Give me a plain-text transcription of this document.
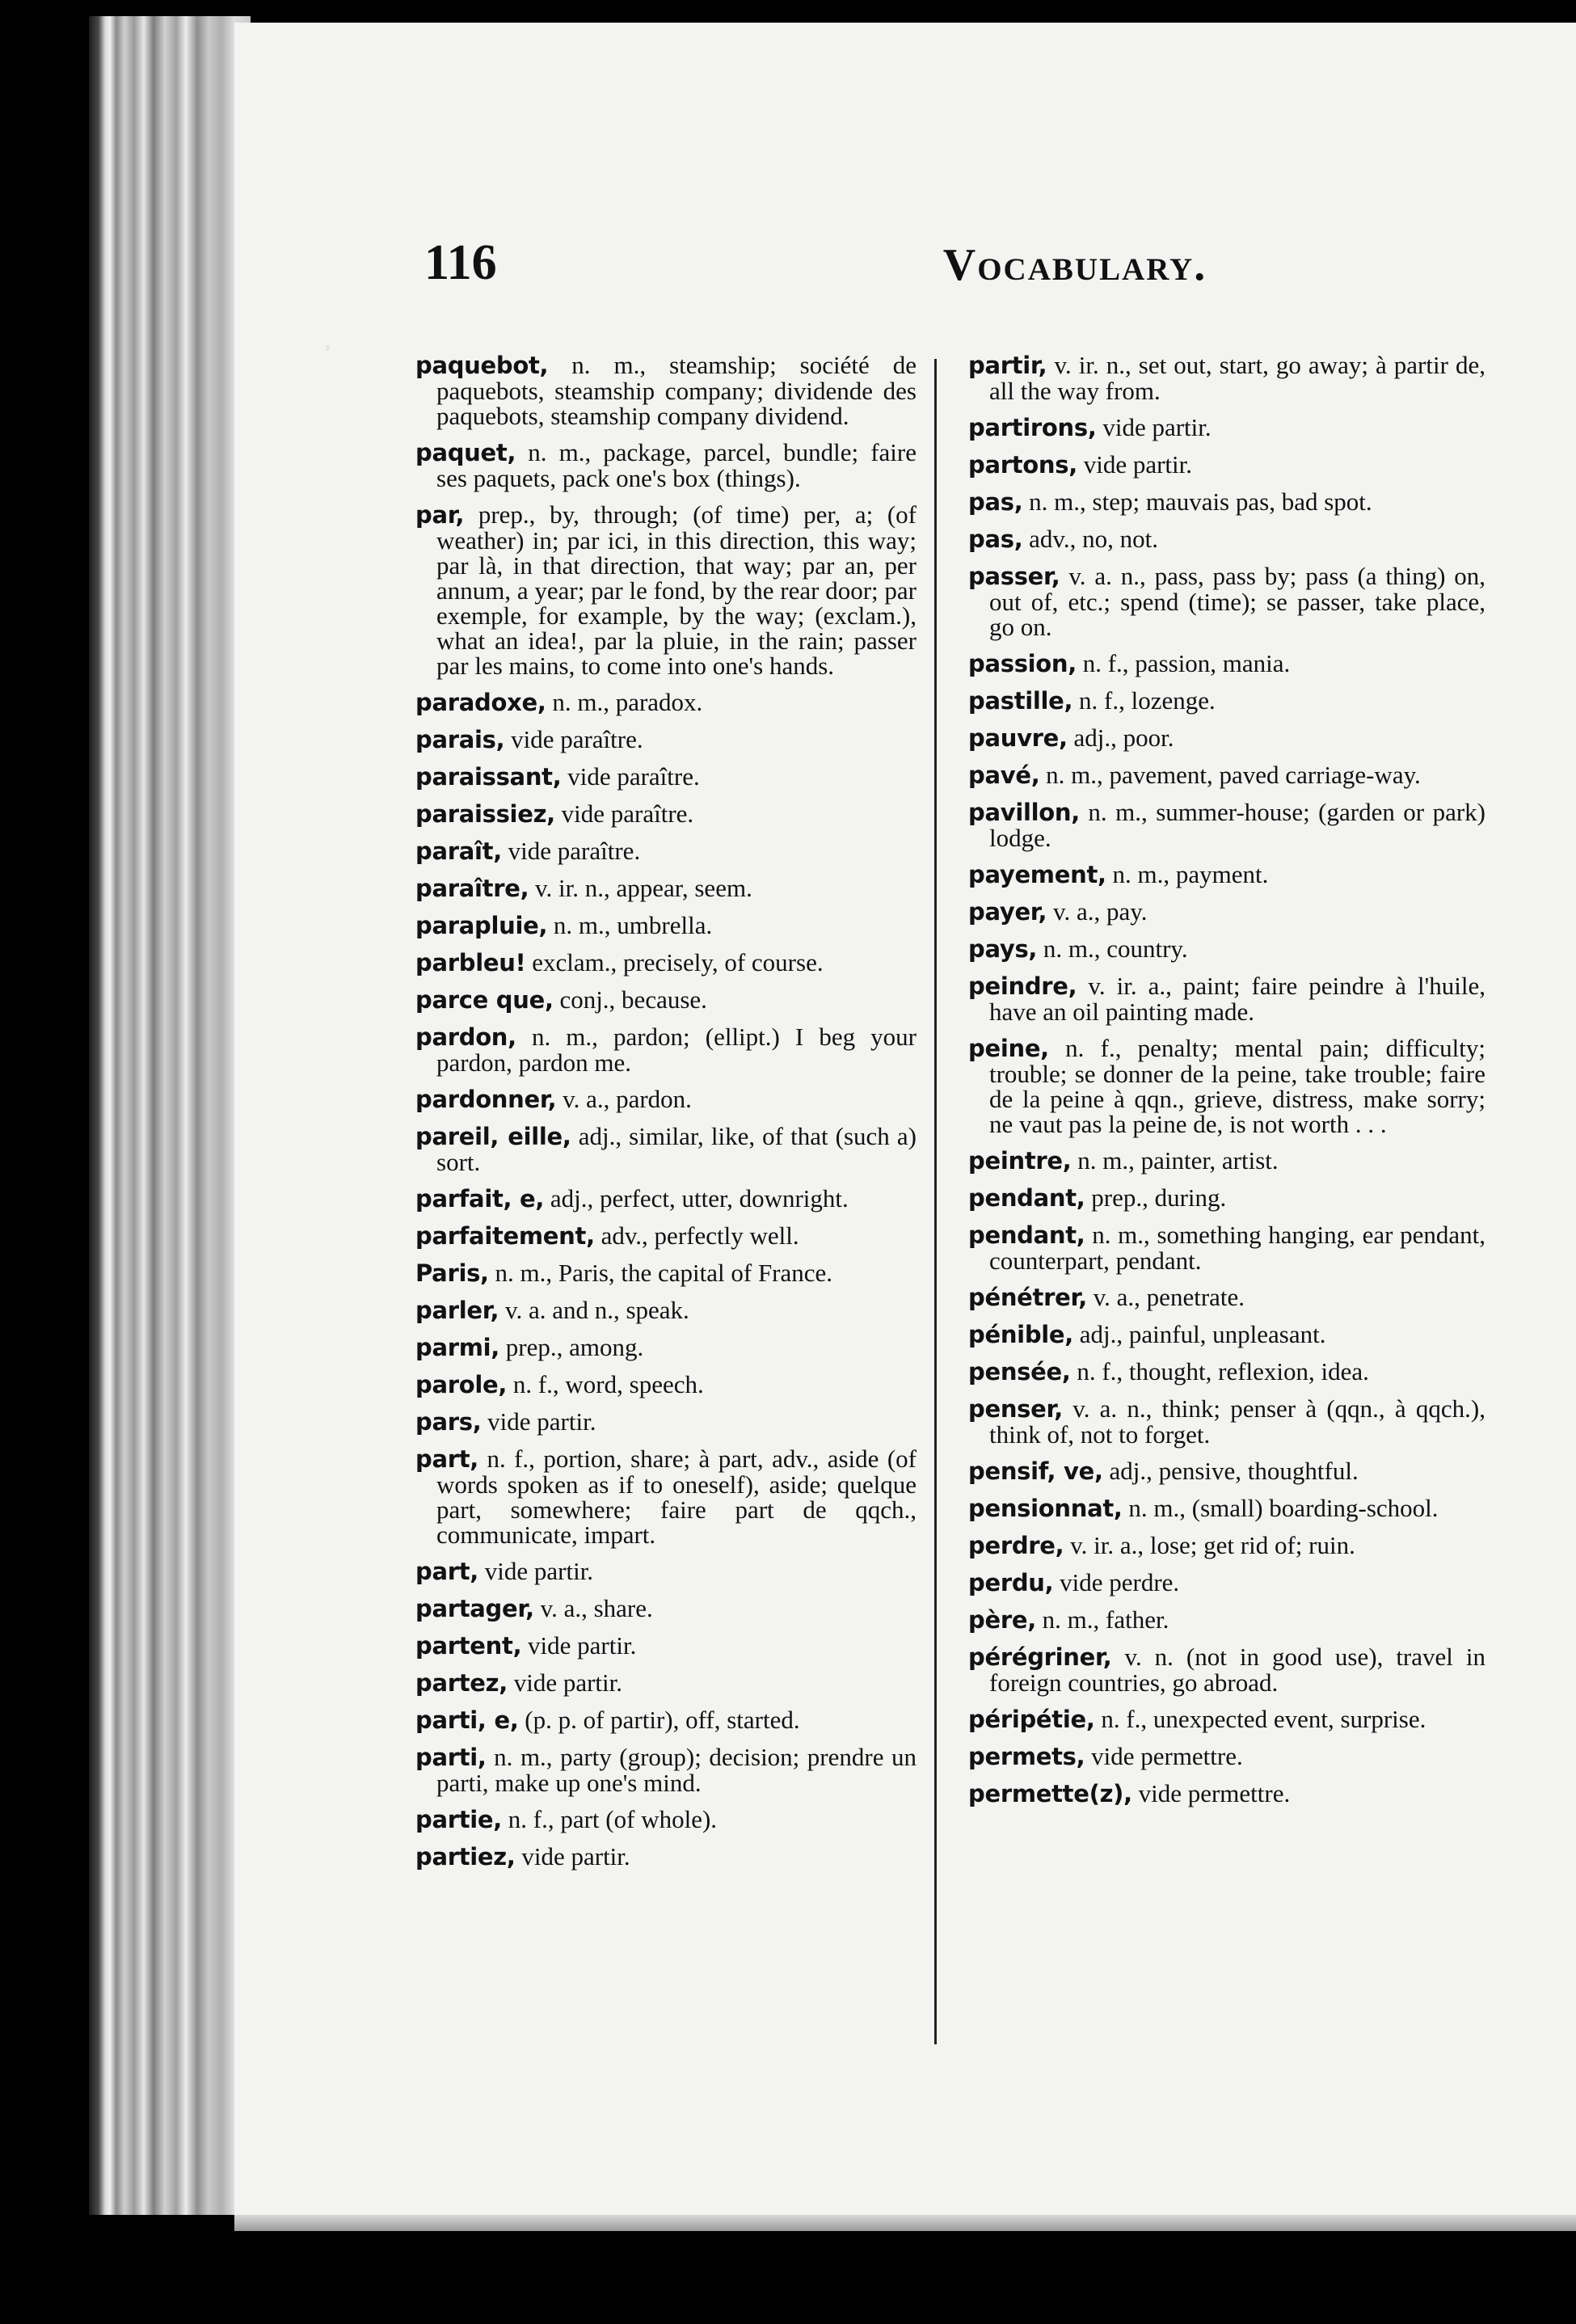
,
116	Vocabulary.
paquebot, n. m., steamship; société de paquebots, steamship company; dividende des paquebots, steamship company dividend.
paquet, n. m., package, parcel, bundle; faire ses paquets, pack one's box (things).
par, prep., by, through; (of time) per, a; (of weather) in; par ici, in this direction, this way; par là, in that direction, that way; par an, per annum, a year; par le fond, by the rear door; par exemple, for example, by the way; (exclam.), what an idea!, par la pluie, in the rain; passer par les mains, to come into one's hands.
paradoxe, n. m., paradox.
parais, vide paraître.
paraissant, vide paraître.
paraissiez, vide paraître.
paraît, vide paraître.
paraître, v. ir. n., appear, seem.
parapluie, n. m., umbrella.
parbleu! exclam., precisely, of course.
parce que, conj., because.
pardon, n. m., pardon; (ellipt.) I beg your pardon, pardon me.
pardonner, v. a., pardon.
pareil, eille, adj., similar, like, of that (such a) sort.
parfait, e, adj., perfect, utter, downright.
parfaitement, adv., perfectly well.
Paris, n. m., Paris, the capital of France.
parler, v. a. and n., speak.
parmi, prep., among.
parole, n. f., word, speech.
pars, vide partir.
part, n. f., portion, share; à part, adv., aside (of words spoken as if to oneself), aside; quelque part, somewhere; faire part de qqch., communicate, impart.
part, vide partir.
partager, v. a., share.
partent, vide partir.
partez, vide partir.
parti, e, (p. p. of partir), off, started.
parti, n. m., party (group); decision; prendre un parti, make up one's mind.
partie, n. f., part (of whole).
partiez, vide partir.
partir, v. ir. n., set out, start, go away; à partir de, all the way from.
partirons, vide partir.
partons, vide partir.
pas, n. m., step; mauvais pas, bad spot.
pas, adv., no, not.
passer, v. a. n., pass, pass by; pass (a thing) on, out of, etc.; spend (time); se passer, take place, go on.
passion, n. f., passion, mania.
pastille, n. f., lozenge.
pauvre, adj., poor.
pavé, n. m., pavement, paved carriage-way.
pavillon, n. m., summer-house; (garden or park) lodge.
payement, n. m., payment.
payer, v. a., pay.
pays, n. m., country.
peindre, v. ir. a., paint; faire peindre à l'huile, have an oil painting made.
peine, n. f., penalty; mental pain; difficulty; trouble; se donner de la peine, take trouble; faire de la peine à qqn., grieve, distress, make sorry; ne vaut pas la peine de, is not worth . . .
peintre, n. m., painter, artist.
pendant, prep., during.
pendant, n. m., something hanging, ear pendant, counterpart, pendant.
pénétrer, v. a., penetrate.
pénible, adj., painful, unpleasant.
pensée, n. f., thought, reflexion, idea.
penser, v. a. n., think; penser à (qqn., à qqch.), think of, not to forget.
pensif, ve, adj., pensive, thoughtful.
pensionnat, n. m., (small) boarding-school.
perdre, v. ir. a., lose; get rid of; ruin.
perdu, vide perdre.
père, n. m., father.
pérégriner, v. n. (not in good use), travel in foreign countries, go abroad.
péripétie, n. f., unexpected event, surprise.
permets, vide permettre.
permette(z), vide permettre.
